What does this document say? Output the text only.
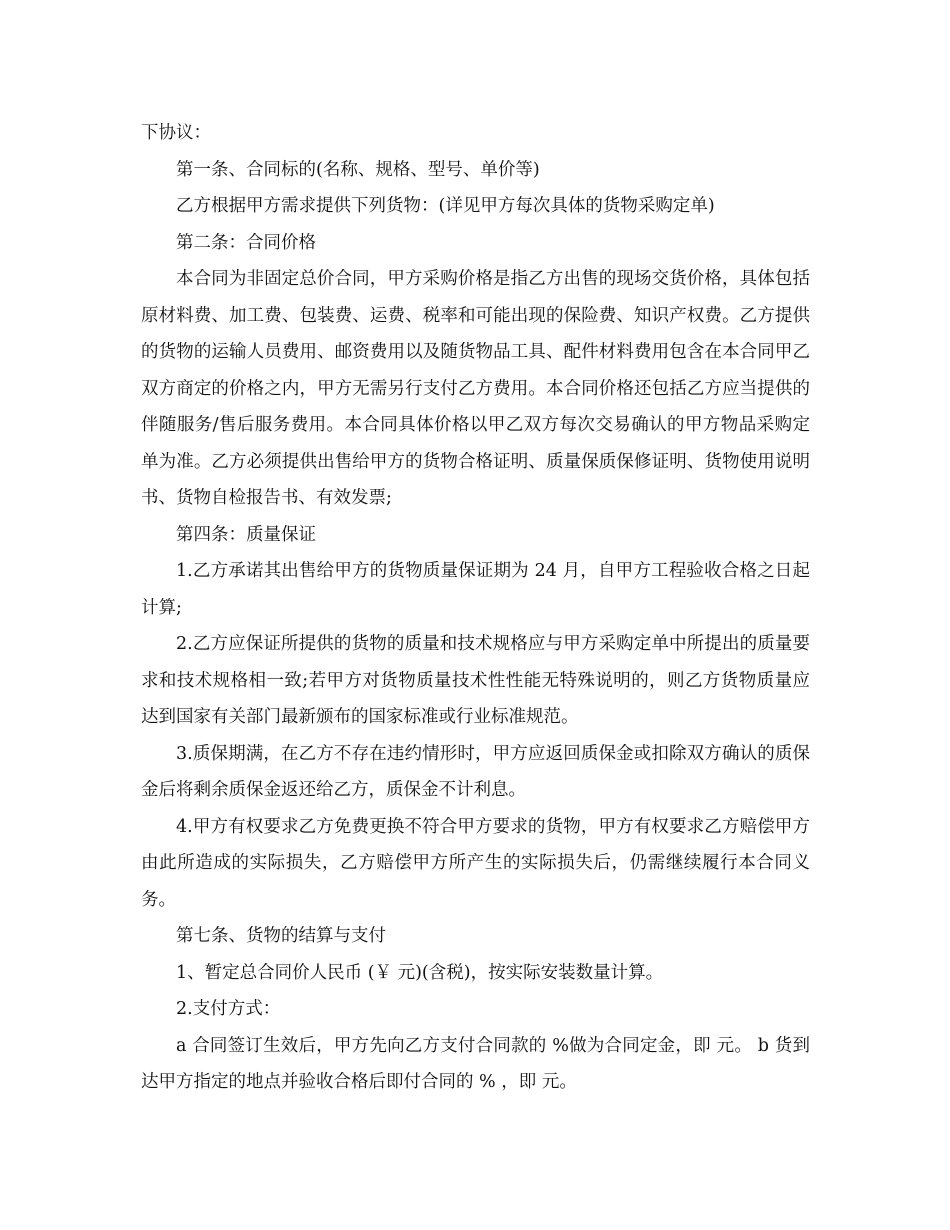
下协议：

第一条、合同标的(名称、规格、型号、单价等)

乙方根据甲方需求提供下列货物：(详见甲方每次具体的货物采购定单)

第二条：合同价格

本合同为非固定总价合同，甲方采购价格是指乙方出售的现场交货价格，具体包括原材料费、加工费、包装费、运费、税率和可能出现的保险费、知识产权费。乙方提供的货物的运输人员费用、邮资费用以及随货物品工具、配件材料费用包含在本合同甲乙双方商定的价格之内，甲方无需另行支付乙方费用。本合同价格还包括乙方应当提供的伴随服务/售后服务费用。本合同具体价格以甲乙双方每次交易确认的甲方物品采购定单为准。乙方必须提供出售给甲方的货物合格证明、质量保质保修证明、货物使用说明书、货物自检报告书、有效发票;

第四条：质量保证

1.乙方承诺其出售给甲方的货物质量保证期为 24 月，自甲方工程验收合格之日起计算;

2.乙方应保证所提供的货物的质量和技术规格应与甲方采购定单中所提出的质量要求和技术规格相一致;若甲方对货物质量技术性性能无特殊说明的，则乙方货物质量应达到国家有关部门最新颁布的国家标准或行业标准规范。

3.质保期满，在乙方不存在违约情形时，甲方应返回质保金或扣除双方确认的质保金后将剩余质保金返还给乙方，质保金不计利息。

4.甲方有权要求乙方免费更换不符合甲方要求的货物，甲方有权要求乙方赔偿甲方由此所造成的实际损失，乙方赔偿甲方所产生的实际损失后，仍需继续履行本合同义务。

第七条、货物的结算与支付

1、暂定总合同价人民币 (￥ 元)(含税)，按实际安装数量计算。

2.支付方式：

a 合同签订生效后，甲方先向乙方支付合同款的 %做为合同定金，即 元。 b 货到达甲方指定的地点并验收合格后即付合同的 % ，即 元。
